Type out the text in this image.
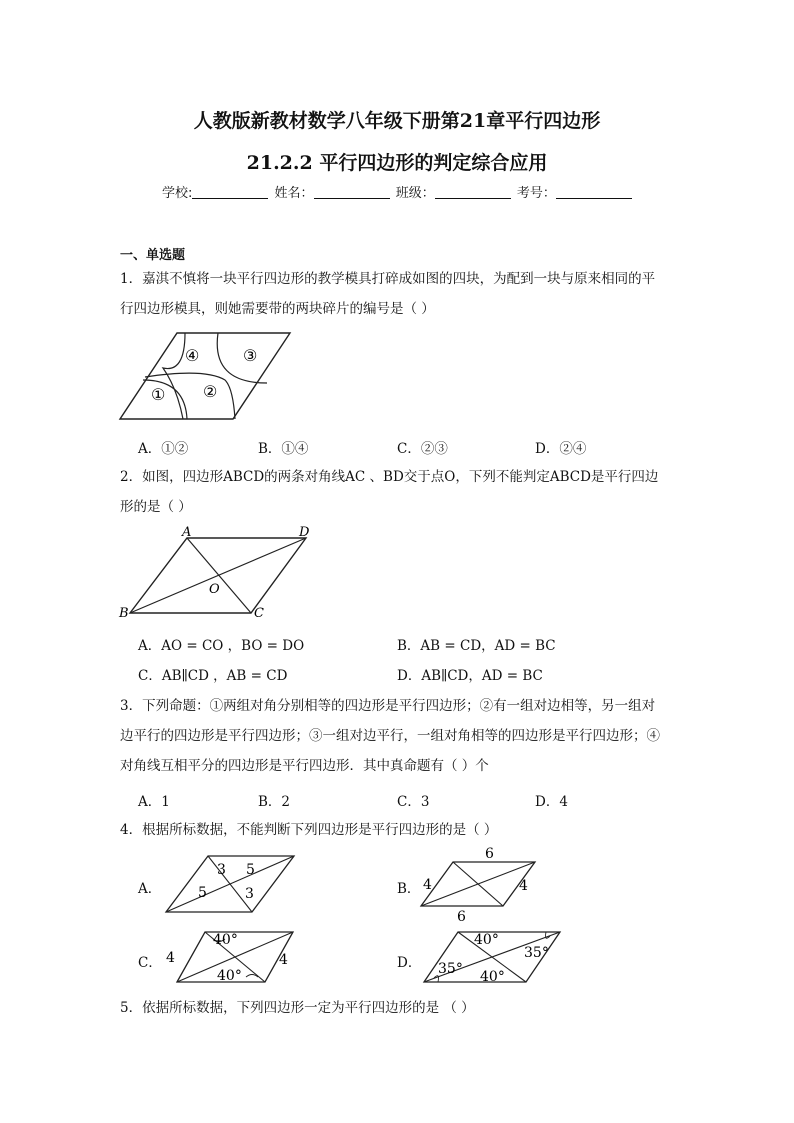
人教版新教材数学八年级下册第21章平行四边形
21.2.2 平行四边形的判定综合应用
学校:	姓名：	班级：	考号：
一、单选题
1．嘉淇不慎将一块平行四边形的教学模具打碎成如图的四块，为配到一块与原来相同的平
行四边形模具，则她需要带的两块碎片的编号是（ ）
④	③
① ②
A．①②	B．①④	C．②③	D．②④
2．如图，四边形ABCD的两条对角线AC 、BD交于点O，下列不能判定ABCD是平行四边
形的是（ ）
A	D
O
B	C
A．AO = CO ，BO = DO	B．AB = CD，AD = BC
C．AB∥CD ，AB = CD	D．AB∥CD，AD = BC
3．下列命题：①两组对角分别相等的四边形是平行四边形；②有一组对边相等，另一组对
边平行的四边形是平行四边形；③一组对边平行，一组对角相等的四边形是平行四边形；④
对角线互相平分的四边形是平行四边形．其中真命题有（ ）个
A．1	B．2	C．3	D．4
4．根据所标数据，不能判断下列四边形是平行四边形的是（ ）
A．
3 5
5	3	B．
6
4	4
6
C．
40°
4	4
40°
D．
40°
35°
35° 40°
5．依据所标数据，下列四边形一定为平行四边形的是 （ ）
